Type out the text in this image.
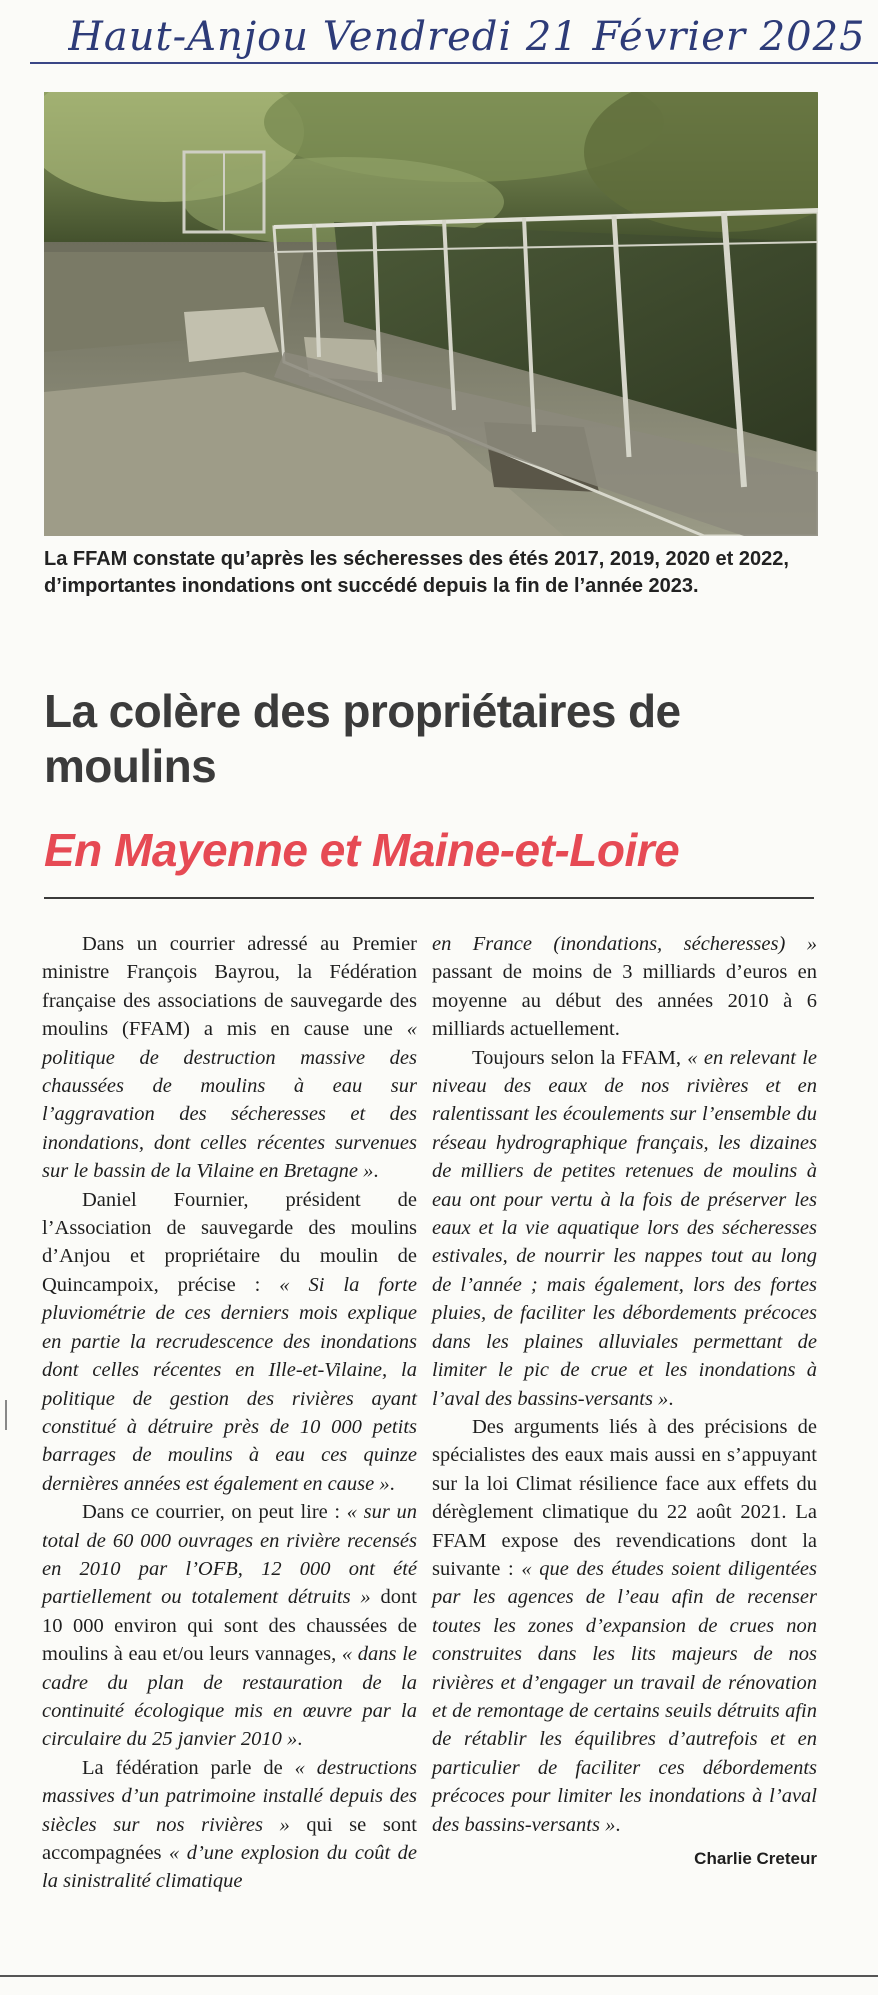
Haut-Anjou Vendredi 21 Février 2025
La FFAM constate qu’après les sécheresses des étés 2017, 2019, 2020 et 2022, d’importantes inondations ont succédé depuis la fin de l’année 2023.
La colère des propriétaires de moulins
En Mayenne et Maine-et-Loire

Dans un courrier adressé au Premier ministre François Bayrou, la Fédération française des associations de sauvegarde des moulins (FFAM) a mis en cause une « politique de destruction massive des chaussées de moulins à eau sur l’aggravation des sécheresses et des inondations, dont celles récentes survenues sur le bassin de la Vilaine en Bretagne ».

Daniel Fournier, président de l’Association de sauvegarde des moulins d’Anjou et propriétaire du moulin de Quincampoix, précise : « Si la forte pluviométrie de ces derniers mois explique en partie la recrudescence des inondations dont celles récentes en Ille-et-Vilaine, la politique de gestion des rivières ayant constitué à détruire près de 10 000 petits barrages de moulins à eau ces quinze dernières années est également en cause ».

Dans ce courrier, on peut lire : « sur un total de 60 000 ouvrages en rivière recensés en 2010 par l’OFB, 12 000 ont été partiellement ou totalement détruits » dont 10 000 environ qui sont des chaussées de moulins à eau et/ou leurs vannages, « dans le cadre du plan de restauration de la continuité écologique mis en œuvre par la circulaire du 25 janvier 2010 ».

La fédération parle de « destructions massives d’un patrimoine installé depuis des siècles sur nos rivières » qui se sont accompagnées « d’une explosion du coût de la sinistralité climatique

en France (inondations, sécheresses) » passant de moins de 3 milliards d’euros en moyenne au début des années 2010 à 6 milliards actuellement.

Toujours selon la FFAM, « en relevant le niveau des eaux de nos rivières et en ralentissant les écoulements sur l’ensemble du réseau hydrographique français, les dizaines de milliers de petites retenues de moulins à eau ont pour vertu à la fois de préserver les eaux et la vie aquatique lors des sécheresses estivales, de nourrir les nappes tout au long de l’année ; mais également, lors des fortes pluies, de faciliter les débordements précoces dans les plaines alluviales permettant de limiter le pic de crue et les inondations à l’aval des bassins-versants ».

Des arguments liés à des précisions de spécialistes des eaux mais aussi en s’appuyant sur la loi Climat résilience face aux effets du dérèglement climatique du 22 août 2021. La FFAM expose des revendications dont la suivante : « que des études soient diligentées par les agences de l’eau afin de recenser toutes les zones d’expansion de crues non construites dans les lits majeurs de nos rivières et d’engager un travail de rénovation et de remontage de certains seuils détruits afin de rétablir les équilibres d’autrefois et en particulier de faciliter ces débordements précoces pour limiter les inondations à l’aval des bassins-versants ».

Charlie Creteur
